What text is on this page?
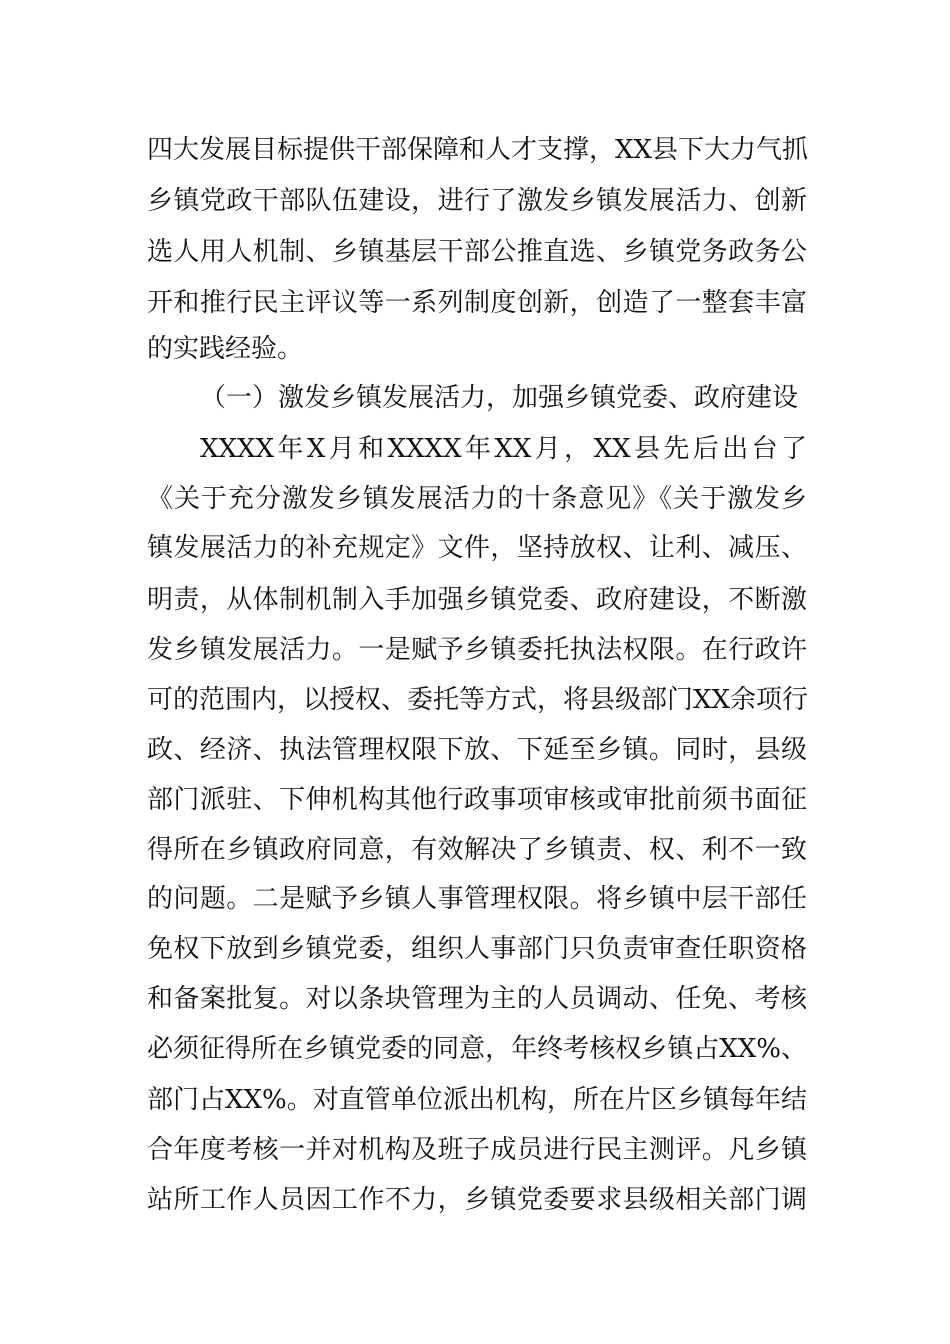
四大发展目标提供干部保障和人才支撑，XX县下大力气抓
乡镇党政干部队伍建设，进行了激发乡镇发展活力、创新
选人用人机制、乡镇基层干部公推直选、乡镇党务政务公
开和推行民主评议等一系列制度创新，创造了一整套丰富
的实践经验。
（一）激发乡镇发展活力，加强乡镇党委、政府建设
XXXX年X月和XXXX年XX月，XX县先后出台了
《关于充分激发乡镇发展活力的十条意见》《关于激发乡
镇发展活力的补充规定》文件，坚持放权、让利、减压、
明责，从体制机制入手加强乡镇党委、政府建设，不断激
发乡镇发展活力。一是赋予乡镇委托执法权限。在行政许
可的范围内，以授权、委托等方式，将县级部门XX余项行
政、经济、执法管理权限下放、下延至乡镇。同时，县级
部门派驻、下伸机构其他行政事项审核或审批前须书面征
得所在乡镇政府同意，有效解决了乡镇责、权、利不一致
的问题。二是赋予乡镇人事管理权限。将乡镇中层干部任
免权下放到乡镇党委，组织人事部门只负责审查任职资格
和备案批复。对以条块管理为主的人员调动、任免、考核
必须征得所在乡镇党委的同意，年终考核权乡镇占XX%、
部门占XX%。对直管单位派出机构，所在片区乡镇每年结
合年度考核一并对机构及班子成员进行民主测评。凡乡镇
站所工作人员因工作不力，乡镇党委要求县级相关部门调
